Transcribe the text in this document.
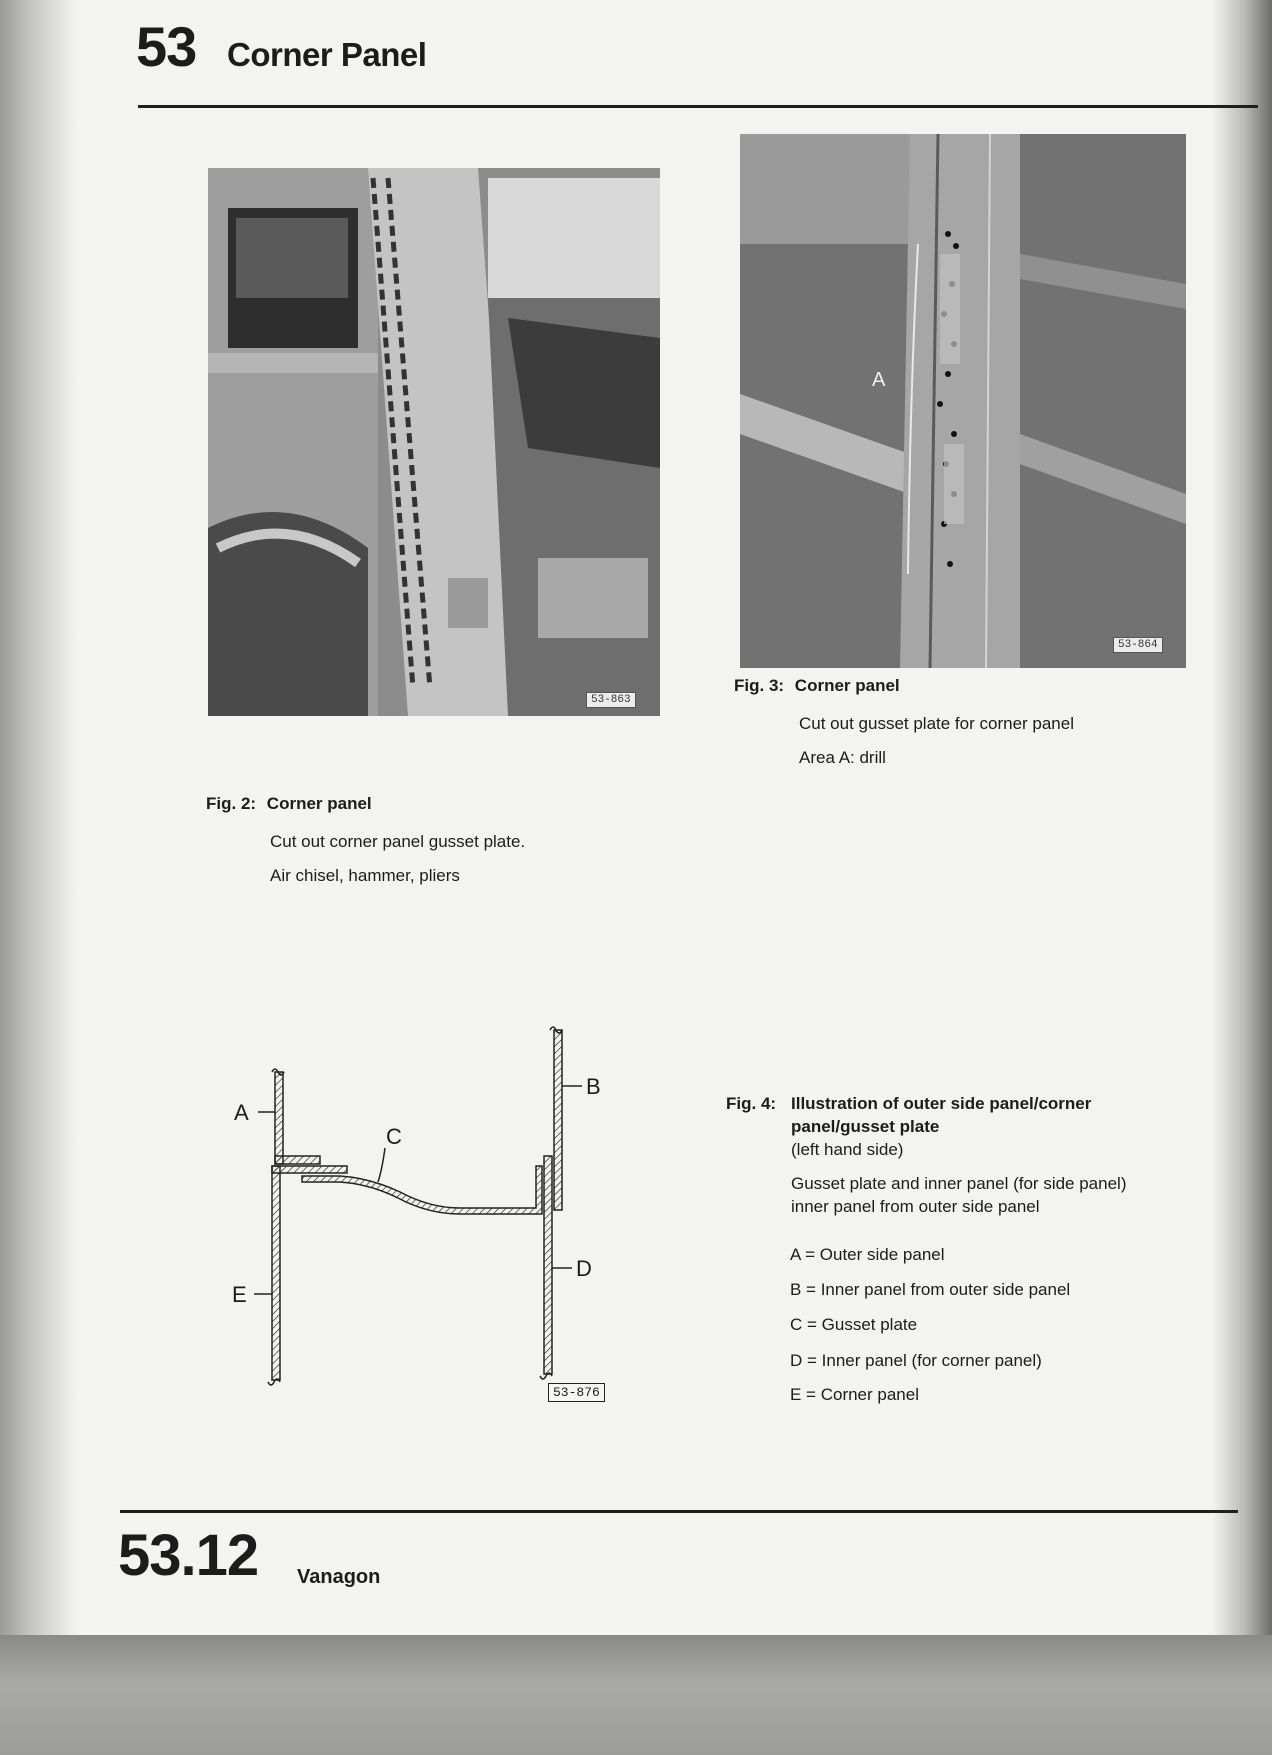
53 Corner Panel
53-863
A
53-864
Fig. 3: Corner panel
Cut out gusset plate for corner panel
Area A: drill
Fig. 2: Corner panel
Cut out corner panel gusset plate.
Air chisel, hammer, pliers
A
B
C
D
E
53-876
Fig. 4: Illustration of outer side panel/corner
panel/gusset plate
(left hand side)
Gusset plate and inner panel (for side panel)
inner panel from outer side panel
A = Outer side panel
B = Inner panel from outer side panel
C = Gusset plate
D = Inner panel (for corner panel)
E = Corner panel
53.12 Vanagon
